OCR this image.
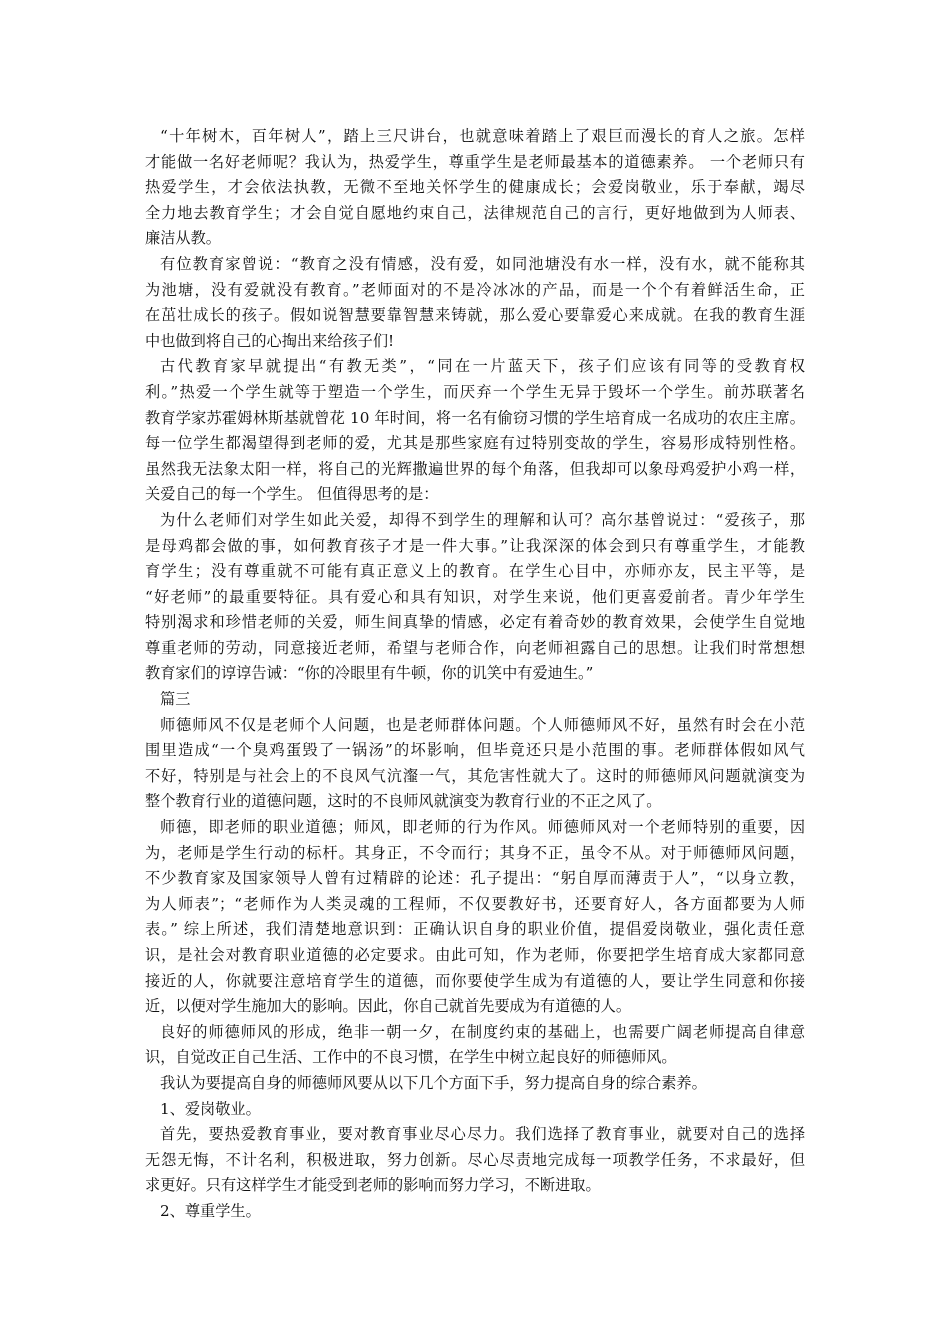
“十年树木，百年树人”，踏上三尺讲台，也就意味着踏上了艰巨而漫长的育人之旅。怎样
才能做一名好老师呢？我认为，热爱学生，尊重学生是老师最基本的道德素养。 一个老师只有
热爱学生，才会依法执教，无微不至地关怀学生的健康成长；会爱岗敬业，乐于奉献，竭尽
全力地去教育学生；才会自觉自愿地约束自己，法律规范自己的言行，更好地做到为人师表、
廉洁从教。
有位教育家曾说：“教育之没有情感，没有爱，如同池塘没有水一样，没有水，就不能称其
为池塘，没有爱就没有教育。”老师面对的不是冷冰冰的产品，而是一个个有着鲜活生命，正
在茁壮成长的孩子。假如说智慧要靠智慧来铸就，那么爱心要靠爱心来成就。在我的教育生涯
中也做到将自己的心掏出来给孩子们!
古代教育家早就提出“有教无类”，“同在一片蓝天下，孩子们应该有同等的受教育权
利。”热爱一个学生就等于塑造一个学生，而厌弃一个学生无异于毁坏一个学生。前苏联著名
教育学家苏霍姆林斯基就曾花 10 年时间，将一名有偷窃习惯的学生培育成一名成功的农庄主席。
每一位学生都渴望得到老师的爱，尤其是那些家庭有过特别变故的学生，容易形成特别性格。
虽然我无法象太阳一样，将自己的光辉撒遍世界的每个角落，但我却可以象母鸡爱护小鸡一样，
关爱自己的每一个学生。 但值得思考的是：
为什么老师们对学生如此关爱，却得不到学生的理解和认可？高尔基曾说过：“爱孩子，那
是母鸡都会做的事，如何教育孩子才是一件大事。”让我深深的体会到只有尊重学生，才能教
育学生；没有尊重就不可能有真正意义上的教育。在学生心目中，亦师亦友，民主平等，是
“好老师”的最重要特征。具有爱心和具有知识，对学生来说，他们更喜爱前者。青少年学生
特别渴求和珍惜老师的关爱，师生间真挚的情感，必定有着奇妙的教育效果，会使学生自觉地
尊重老师的劳动，同意接近老师，希望与老师合作，向老师袒露自己的思想。让我们时常想想
教育家们的谆谆告诫：“你的冷眼里有牛顿，你的讥笑中有爱迪生。”
篇三
师德师风不仅是老师个人问题，也是老师群体问题。个人师德师风不好，虽然有时会在小范
围里造成“一个臭鸡蛋毁了一锅汤”的坏影响，但毕竟还只是小范围的事。老师群体假如风气
不好，特别是与社会上的不良风气沆瀣一气，其危害性就大了。这时的师德师风问题就演变为
整个教育行业的道德问题，这时的不良师风就演变为教育行业的不正之风了。
师德，即老师的职业道德；师风，即老师的行为作风。师德师风对一个老师特别的重要，因
为，老师是学生行动的标杆。其身正，不令而行；其身不正，虽令不从。对于师德师风问题，
不少教育家及国家领导人曾有过精辟的论述：孔子提出：“躬自厚而薄责于人”，“以身立教，
为人师表”；“老师作为人类灵魂的工程师，不仅要教好书，还要育好人，各方面都要为人师
表。” 综上所述，我们清楚地意识到：正确认识自身的职业价值，提倡爱岗敬业，强化责任意
识，是社会对教育职业道德的必定要求。由此可知，作为老师，你要把学生培育成大家都同意
接近的人，你就要注意培育学生的道德，而你要使学生成为有道德的人，要让学生同意和你接
近，以便对学生施加大的影响。因此，你自己就首先要成为有道德的人。
良好的师德师风的形成，绝非一朝一夕，在制度约束的基础上，也需要广阔老师提高自律意
识，自觉改正自己生活、工作中的不良习惯，在学生中树立起良好的师德师风。
我认为要提高自身的师德师风要从以下几个方面下手，努力提高自身的综合素养。
1、爱岗敬业。
首先，要热爱教育事业，要对教育事业尽心尽力。我们选择了教育事业，就要对自己的选择
无怨无悔，不计名利，积极进取，努力创新。尽心尽责地完成每一项教学任务，不求最好，但
求更好。只有这样学生才能受到老师的影响而努力学习，不断进取。
2、尊重学生。
